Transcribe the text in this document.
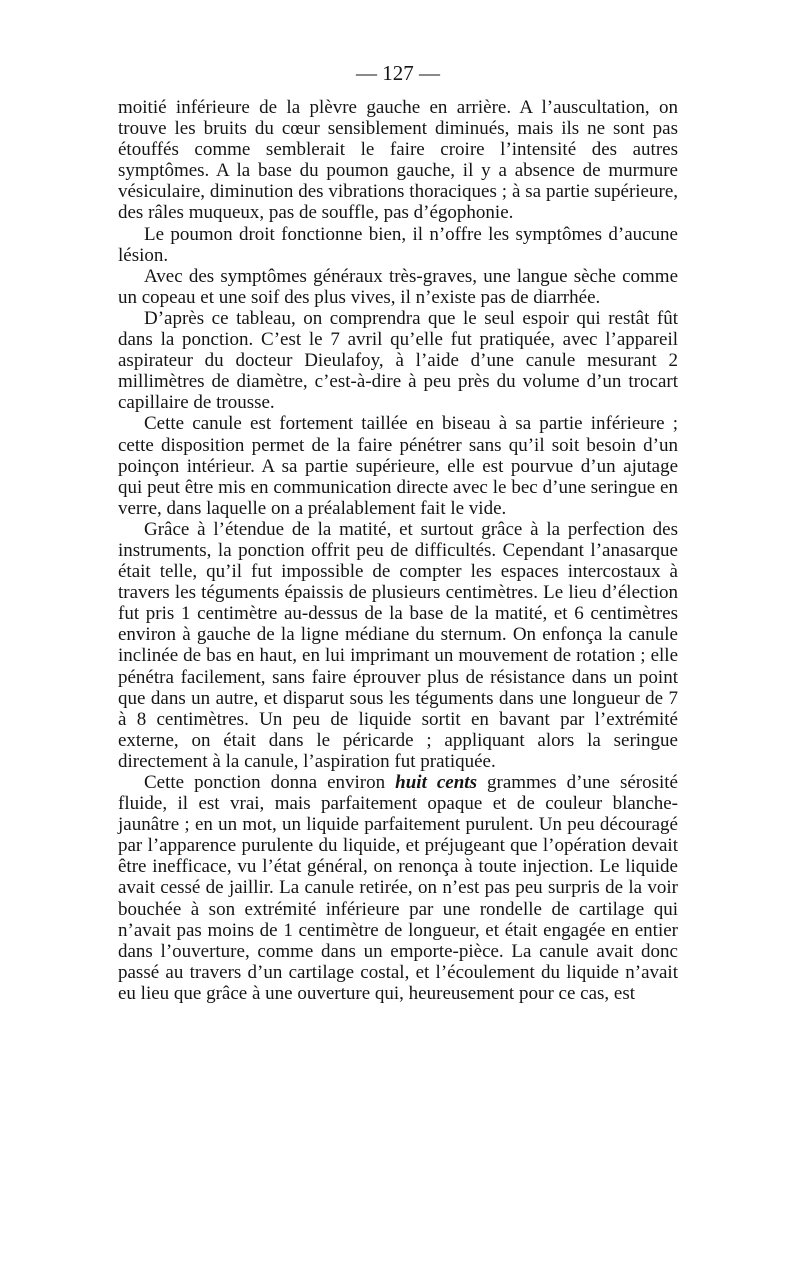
— 127 —

moitié inférieure de la plèvre gauche en arrière. A l’auscultation, on trouve les bruits du cœur sensiblement diminués, mais ils ne sont pas étouffés comme semblerait le faire croire l’intensité des autres symptômes. A la base du poumon gauche, il y a absence de murmure vésiculaire, diminution des vibrations thoraciques ; à sa partie supérieure, des râles muqueux, pas de souffle, pas d’égophonie.

Le poumon droit fonctionne bien, il n’offre les symptômes d’aucune lésion.

Avec des symptômes généraux très-graves, une langue sèche comme un copeau et une soif des plus vives, il n’existe pas de diarrhée.

D’après ce tableau, on comprendra que le seul espoir qui restât fût dans la ponction. C’est le 7 avril qu’elle fut pratiquée, avec l’appareil aspirateur du docteur Dieulafoy, à l’aide d’une canule mesurant 2 millimètres de diamètre, c’est-à-dire à peu près du volume d’un trocart capillaire de trousse.

Cette canule est fortement taillée en biseau à sa partie inférieure ; cette disposition permet de la faire pénétrer sans qu’il soit besoin d’un poinçon intérieur. A sa partie supérieure, elle est pourvue d’un ajutage qui peut être mis en communication directe avec le bec d’une seringue en verre, dans laquelle on a préalablement fait le vide.

Grâce à l’étendue de la matité, et surtout grâce à la perfection des instruments, la ponction offrit peu de difficultés. Cependant l’anasarque était telle, qu’il fut impossible de compter les espaces intercostaux à travers les téguments épaissis de plusieurs centimètres. Le lieu d’élection fut pris 1 centimètre au-dessus de la base de la matité, et 6 centimètres environ à gauche de la ligne médiane du sternum. On enfonça la canule inclinée de bas en haut, en lui imprimant un mouvement de rotation ; elle pénétra facilement, sans faire éprouver plus de résistance dans un point que dans un autre, et disparut sous les téguments dans une longueur de 7 à 8 centimètres. Un peu de liquide sortit en bavant par l’extrémité externe, on était dans le péricarde ; appliquant alors la seringue directement à la canule, l’aspiration fut pratiquée.

Cette ponction donna environ huit cents grammes d’une sérosité fluide, il est vrai, mais parfaitement opaque et de couleur blanche-jaunâtre ; en un mot, un liquide parfaitement purulent. Un peu découragé par l’apparence purulente du liquide, et préjugeant que l’opération devait être inefficace, vu l’état général, on renonça à toute injection. Le liquide avait cessé de jaillir. La canule retirée, on n’est pas peu surpris de la voir bouchée à son extrémité inférieure par une rondelle de cartilage qui n’avait pas moins de 1 centimètre de longueur, et était engagée en entier dans l’ouverture, comme dans un emporte-pièce. La canule avait donc passé au travers d’un cartilage costal, et l’écoulement du liquide n’avait eu lieu que grâce à une ouverture qui, heureusement pour ce cas, est
